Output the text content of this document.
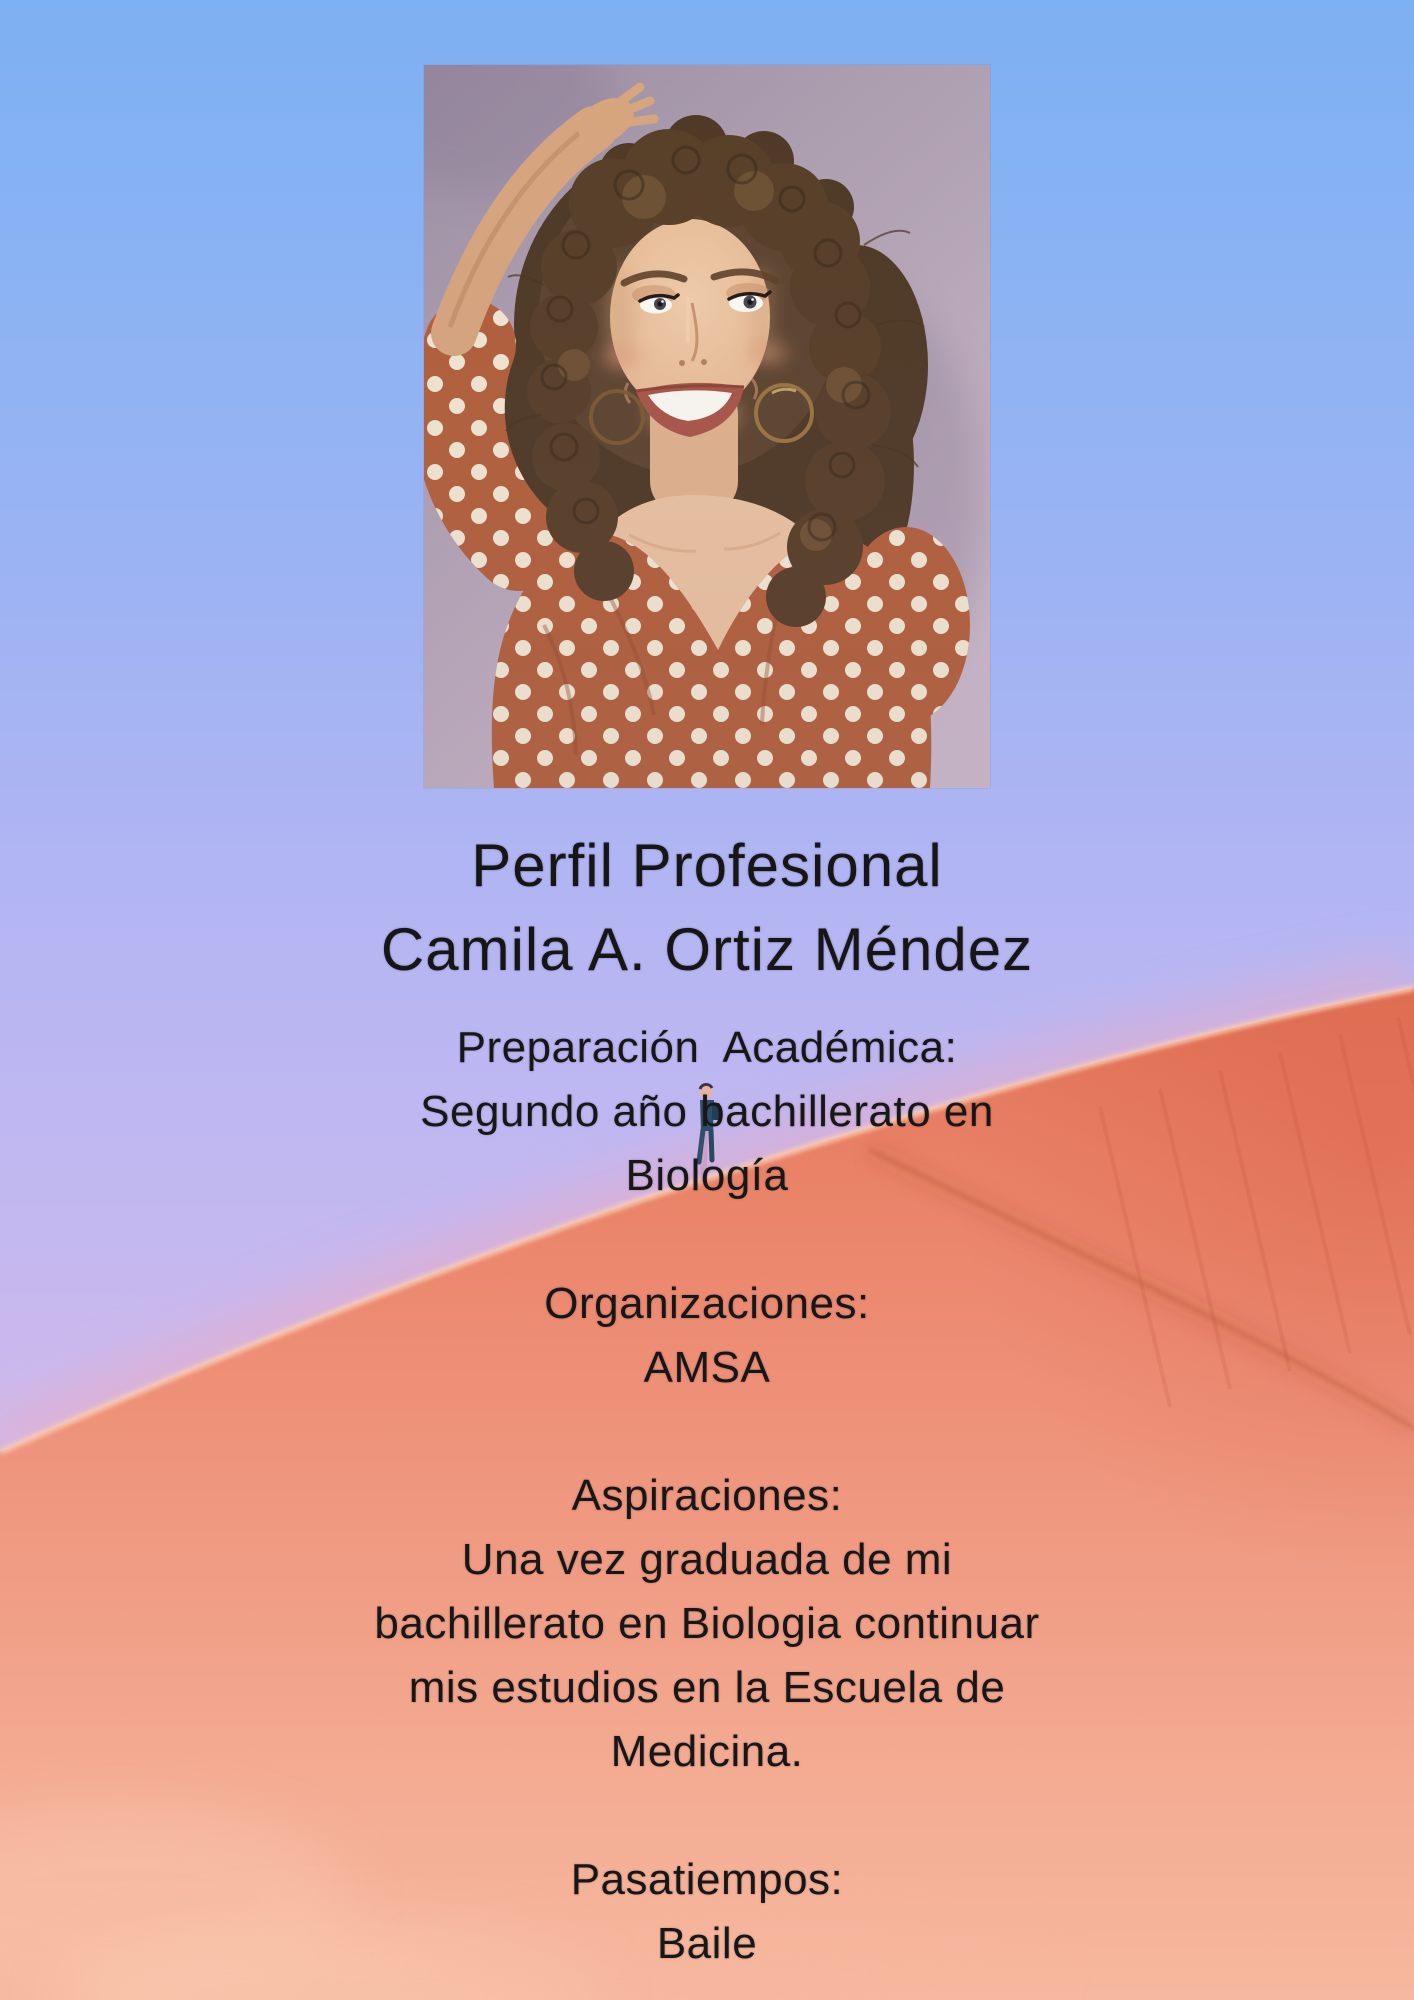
Perfil Profesional
Camila A. Ortiz Méndez
Preparación  Académica:
Segundo año bachillerato en
Biología
Organizaciones:
AMSA
Aspiraciones:
Una vez graduada de mi
bachillerato en Biologia continuar
mis estudios en la Escuela de
Medicina.
Pasatiempos:
Baile
